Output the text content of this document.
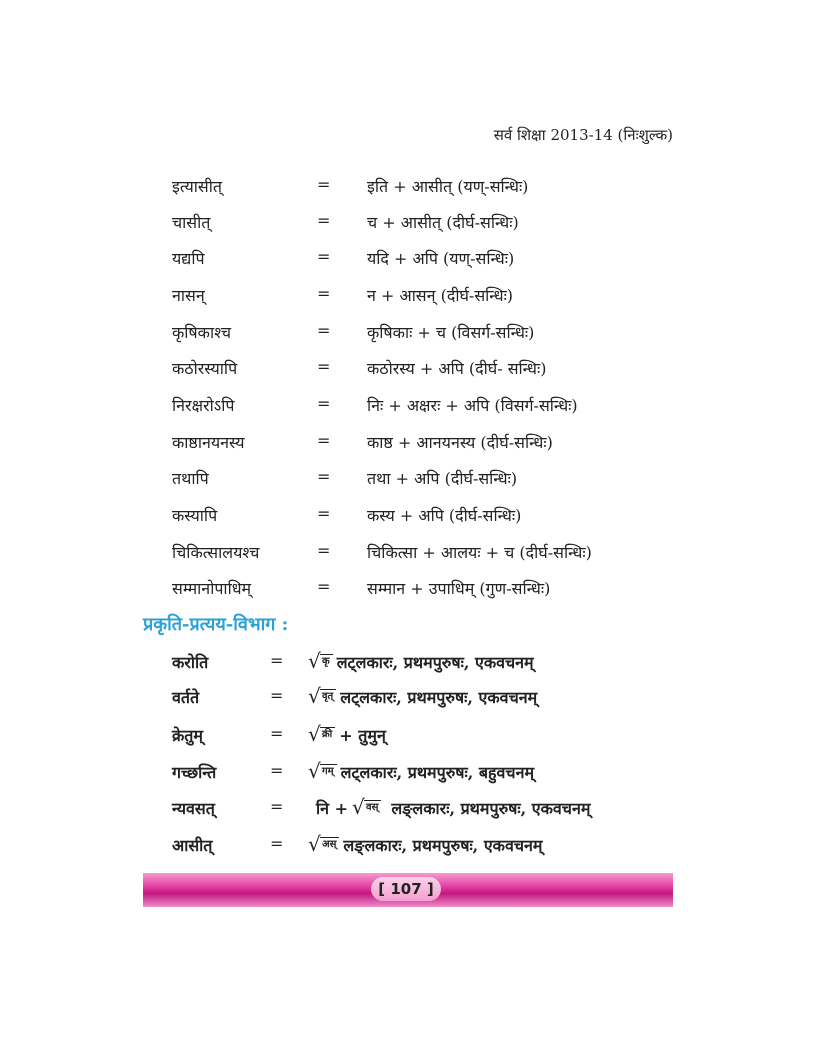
सर्व शिक्षा 2013-14 (निःशुल्क)
इत्यासीत्	= इति + आसीत् (यण्-सन्धिः)
चासीत्	= च + आसीत् (दीर्घ-सन्धिः)
यद्यपि	= यदि + अपि (यण्-सन्धिः)
नासन्	= न + आसन् (दीर्घ-सन्धिः)
कृषिकाश्च	= कृषिकाः + च (विसर्ग-सन्धिः)
कठोरस्यापि	= कठोरस्य + अपि (दीर्घ- सन्धिः)
निरक्षरोऽपि	= निः + अक्षरः + अपि (विसर्ग-सन्धिः)
काष्ठानयनस्य	= काष्ठ + आनयनस्य (दीर्घ-सन्धिः)
तथापि	= तथा + अपि (दीर्घ-सन्धिः)
कस्यापि	= कस्य + अपि (दीर्घ-सन्धिः)
चिकित्सालयश्च	= चिकित्सा + आलयः + च (दीर्घ-सन्धिः)
सम्मानोपाधिम्	= सम्मान + उपाधिम् (गुण-सन्धिः)
प्रकृति-प्रत्यय-विभाग :
करोति	=	√ कृ लट्लकारः, प्रथमपुरुषः, एकवचनम्
वर्तते	=	√ वृत् लट्लकारः, प्रथमपुरुषः, एकवचनम्
क्रेतुम्	=	√ क्री + तुमुन्
गच्छन्ति	=	√ गम् लट्लकारः, प्रथमपुरुषः, बहुवचनम्
न्यवसत्	= नि + √ वस् लङ्लकारः, प्रथमपुरुषः, एकवचनम्
आसीत्	=	√ अस् लङ्लकारः, प्रथमपुरुषः, एकवचनम्
[ 107 ]
